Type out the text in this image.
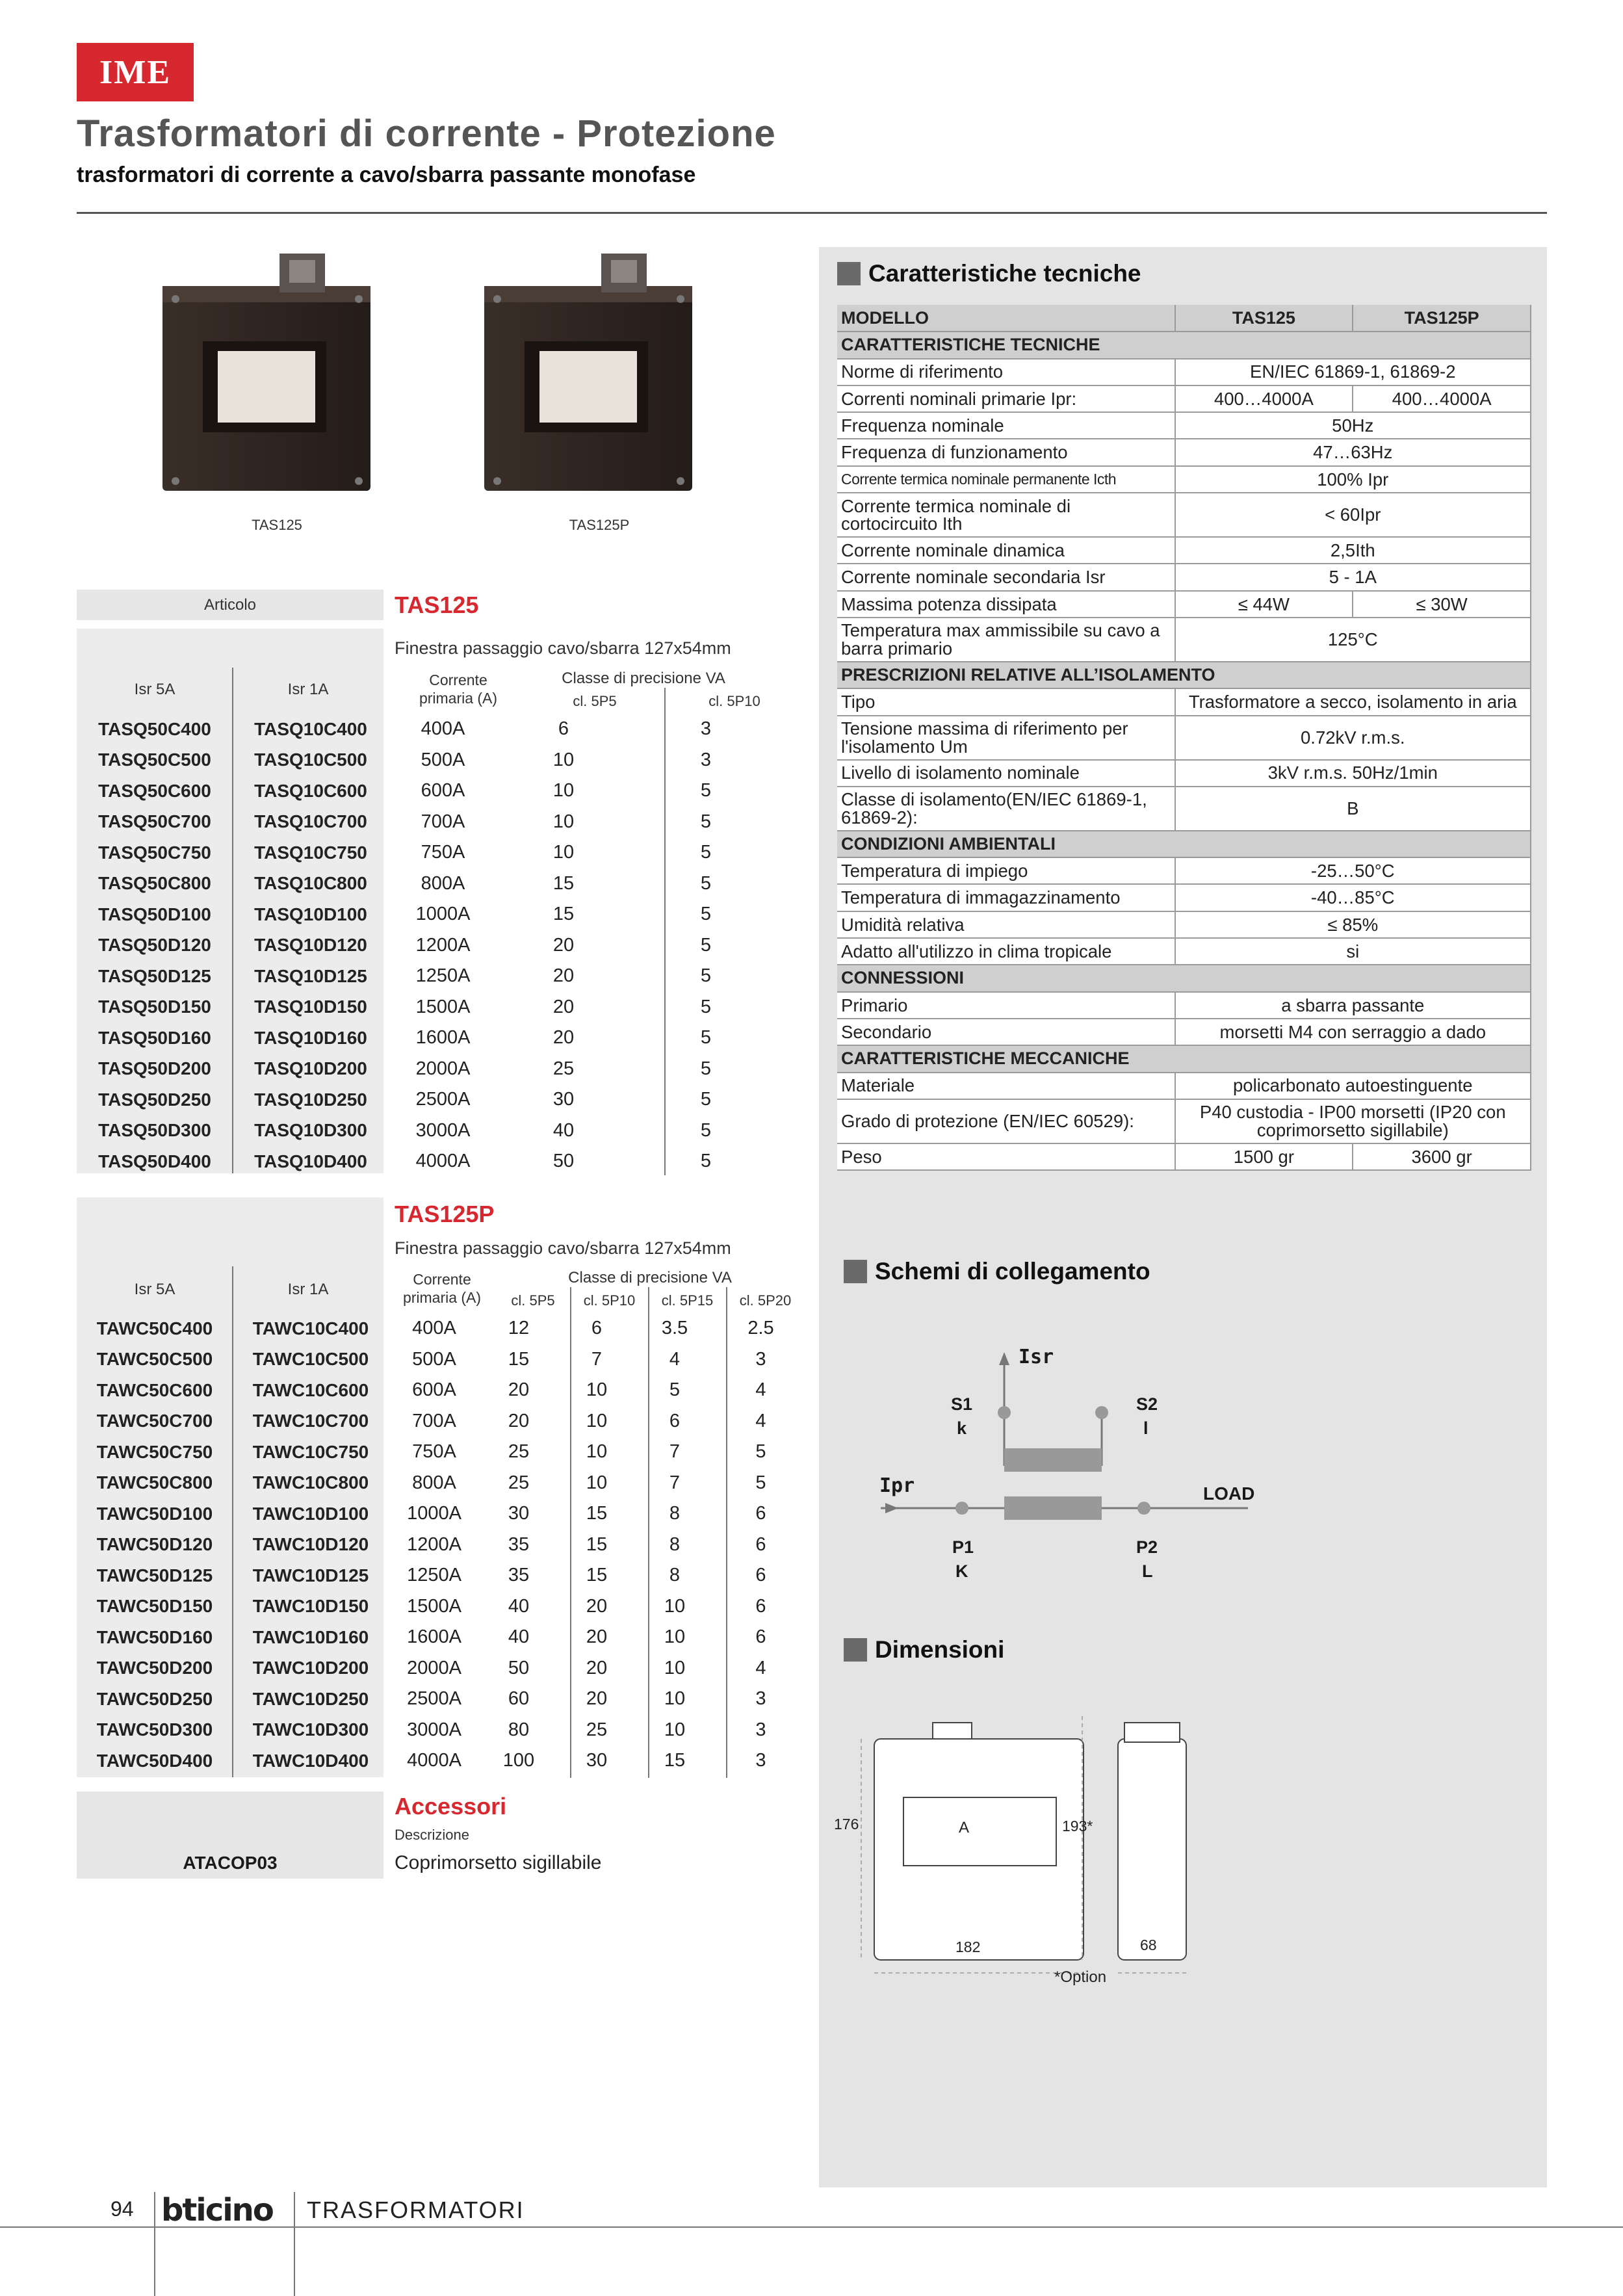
IME
Trasformatori di corrente - Protezione
trasformatori di corrente a cavo/sbarra passante monofase
TAS125	TAS125P
Articolo	TAS125
Finestra passaggio cavo/sbarra 127x54mm
Isr 5A	Isr 1A
Corrente primaria (A)
Classe di precisione VA
cl. 5P5	cl. 5P10
TASQ50C400	TASQ10C400	400A	6	3
TASQ50C500	TASQ10C500	500A	10	3
TASQ50C600	TASQ10C600	600A	10	5
TASQ50C700	TASQ10C700	700A	10	5
TASQ50C750	TASQ10C750	750A	10	5
TASQ50C800	TASQ10C800	800A	15	5
TASQ50D100	TASQ10D100	1000A	15	5
TASQ50D120	TASQ10D120	1200A	20	5
TASQ50D125	TASQ10D125	1250A	20	5
TASQ50D150	TASQ10D150	1500A	20	5
TASQ50D160	TASQ10D160	1600A	20	5
TASQ50D200	TASQ10D200	2000A	25	5
TASQ50D250	TASQ10D250	2500A	30	5
TASQ50D300	TASQ10D300	3000A	40	5
TASQ50D400	TASQ10D400	4000A	50	5
TAS125P
Finestra passaggio cavo/sbarra 127x54mm
Isr 5A	Isr 1A
Corrente primaria (A)
Classe di precisione VA
cl. 5P5	cl. 5P10	cl. 5P15	cl. 5P20
TAWC50C400	TAWC10C400	400A	12	6	3.5	2.5
TAWC50C500	TAWC10C500	500A	15	7	4	3
TAWC50C600	TAWC10C600	600A	20	10	5	4
TAWC50C700	TAWC10C700	700A	20	10	6	4
TAWC50C750	TAWC10C750	750A	25	10	7	5
TAWC50C800	TAWC10C800	800A	25	10	7	5
TAWC50D100	TAWC10D100	1000A	30	15	8	6
TAWC50D120	TAWC10D120	1200A	35	15	8	6
TAWC50D125	TAWC10D125	1250A	35	15	8	6
TAWC50D150	TAWC10D150	1500A	40	20	10	6
TAWC50D160	TAWC10D160	1600A	40	20	10	6
TAWC50D200	TAWC10D200	2000A	50	20	10	4
TAWC50D250	TAWC10D250	2500A	60	20	10	3
TAWC50D300	TAWC10D300	3000A	80	25	10	3
TAWC50D400	TAWC10D400	4000A	100	30	15	3
Accessori
Descrizione
ATACOP03	Coprimorsetto sigillabile
Caratteristiche tecniche
MODELLO	TAS125	TAS125P
CARATTERISTICHE TECNICHE		
Norme di riferimento	EN/IEC 61869-1, 61869-2	
Correnti nominali primarie Ipr:	400…4000A	400…4000A
Frequenza nominale	50Hz	
Frequenza di funzionamento	47…63Hz	
Corrente termica nominale permanente Icth	100% Ipr	
Corrente termica nominale di cortocircuito Ith	< 60Ipr	
Corrente nominale dinamica	2,5Ith	
Corrente nominale secondaria Isr	5 - 1A	
Massima potenza dissipata	≤ 44W	≤ 30W
Temperatura max ammissibile su cavo a barra primario	125°C	
PRESCRIZIONI RELATIVE ALL’ISOLAMENTO		
Tipo	Trasformatore a secco, isolamento in aria	
Tensione massima di riferimento per l'isolamento Um	0.72kV r.m.s.	
Livello di isolamento nominale	3kV r.m.s. 50Hz/1min	
Classe di isolamento(EN/IEC 61869-1, 61869-2):	B	
CONDIZIONI AMBIENTALI		
Temperatura di impiego	-25…50°C	
Temperatura di immagazzinamento	-40…85°C	
Umidità relativa	≤ 85%	
Adatto all'utilizzo in clima tropicale	si	
CONNESSIONI		
Primario	a sbarra passante	
Secondario	morsetti M4 con serraggio a dado	
CARATTERISTICHE MECCANICHE		
Materiale	policarbonato autoestinguente	
Grado di protezione (EN/IEC 60529):	P40 custodia - IP00 morsetti (IP20 con coprimorsetto sigillabile)	
Peso	1500 gr	3600 gr
Schemi di collegamento
Isr
S1
k
S2
l
Ipr	LOAD
P1
K
P2
L
Dimensioni
176	193*
A
182	68
*Option
94 bticino TRASFORMATORI
